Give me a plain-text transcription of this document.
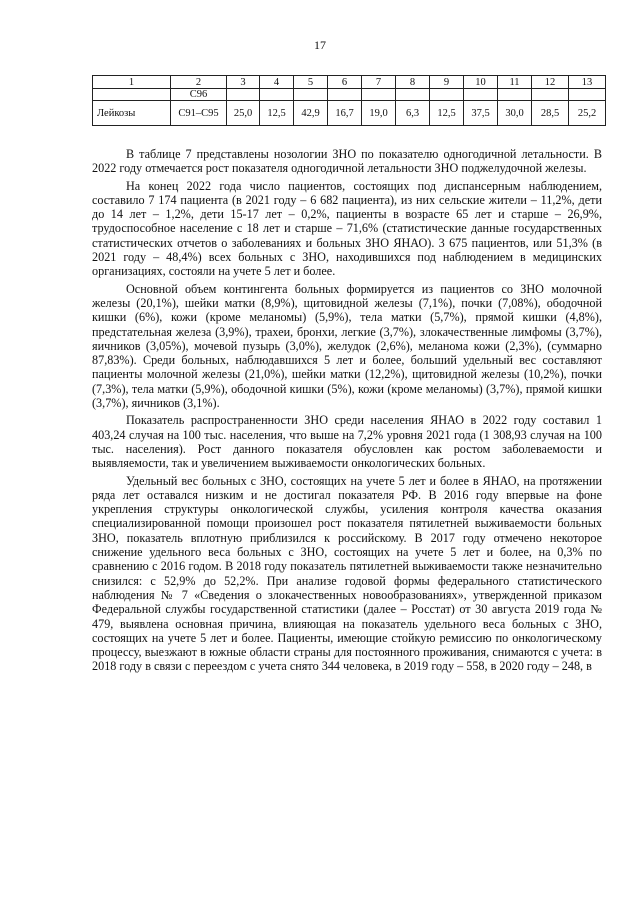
17
1	2	3	4	5	6	7	8	9	10	11	12	13
	С96											
Лейкозы	С91–С95	25,0	12,5	42,9	16,7	19,0	6,3	12,5	37,5	30,0	28,5	25,2

В таблице 7 представлены нозологии ЗНО по показателю одногодичной летальности. В 2022 году отмечается рост показателя одногодичной летальности ЗНО поджелудочной железы.

На конец 2022 года число пациентов, состоящих под диспансерным наблюдением, составило 7 174 пациента (в 2021 году – 6 682 пациента), из них сельские жители – 11,2%, дети до 14 лет – 1,2%, дети 15-17 лет – 0,2%, пациенты в возрасте 65 лет и старше – 26,9%, трудоспособное население с 18 лет и старше – 71,6% (статистические данные государственных статистических отчетов о заболеваниях и больных ЗНО ЯНАО). 3 675 пациентов, или 51,3% (в 2021 году – 48,4%) всех больных с ЗНО, находившихся под наблюдением в медицинских организациях, состояли на учете 5 лет и более.

Основной объем контингента больных формируется из пациентов со ЗНО молочной железы (20,1%), шейки матки (8,9%), щитовидной железы (7,1%), почки (7,08%), ободочной кишки (6%), кожи (кроме меланомы) (5,9%), тела матки (5,7%), прямой кишки (4,8%), предстательная железа (3,9%), трахеи, бронхи, легкие (3,7%), злокачественные лимфомы (3,7%), яичников (3,05%), мочевой пузырь (3,0%), желудок (2,6%), меланома кожи (2,3%), (суммарно 87,83%). Среди больных, наблюдавшихся 5 лет и более, больший удельный вес составляют пациенты молочной железы (21,0%), шейки матки (12,2%), щитовидной железы (10,2%), почки (7,3%), тела матки (5,9%), ободочной кишки (5%), кожи (кроме меланомы) (3,7%), прямой кишки (3,7%), яичников (3,1%).

Показатель распространенности ЗНО среди населения ЯНАО в 2022 году составил 1 403,24 случая на 100 тыс. населения, что выше на 7,2% уровня 2021 года (1 308,93 случая на 100 тыс. населения). Рост данного показателя обусловлен как ростом заболеваемости и выявляемости, так и увеличением выживаемости онкологических больных.

Удельный вес больных с ЗНО, состоящих на учете 5 лет и более в ЯНАО, на протяжении ряда лет оставался низким и не достигал показателя РФ. В 2016 году впервые на фоне укрепления структуры онкологической службы, усиления контроля качества оказания специализированной помощи произошел рост показателя пятилетней выживаемости больных ЗНО, показатель вплотную приблизился к российскому. В 2017 году отмечено некоторое снижение удельного веса больных с ЗНО, состоящих на учете 5 лет и более, на 0,3% по сравнению с 2016 годом. В 2018 году показатель пятилетней выживаемости также незначительно снизился: с 52,9% до 52,2%. При анализе годовой формы федерального статистического наблюдения № 7 «Сведения о злокачественных новообразованиях», утвержденной приказом Федеральной службы государственной статистики (далее – Росстат) от 30 августа 2019 года № 479, выявлена основная причина, влияющая на показатель удельного веса больных с ЗНО, состоящих на учете 5 лет и более. Пациенты, имеющие стойкую ремиссию по онкологическому процессу, выезжают в южные области страны для постоянного проживания, снимаются с учета: в 2018 году в связи с переездом с учета снято 344 человека, в 2019 году – 558, в 2020 году – 248, в
